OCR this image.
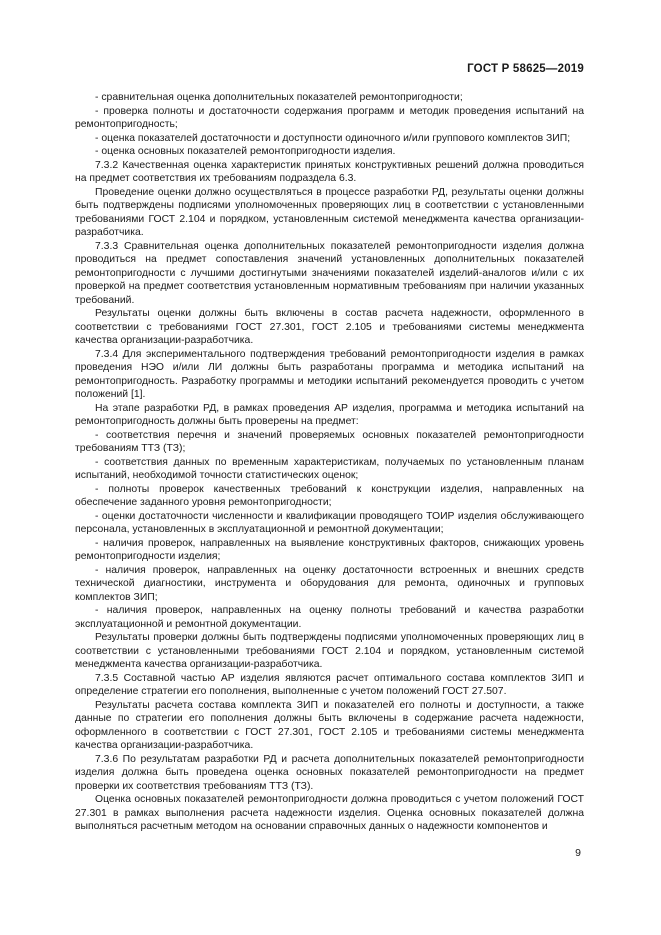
ГОСТ Р 58625—2019

- сравнительная оценка дополнительных показателей ремонтопригодности;

- проверка полноты и достаточности содержания программ и методик проведения испытаний на ремонтопригодность;

- оценка показателей достаточности и доступности одиночного и/или группового комплектов ЗИП;

- оценка основных показателей ремонтопригодности изделия.

7.3.2 Качественная оценка характеристик принятых конструктивных решений должна проводиться на предмет соответствия их требованиям подраздела 6.3.

Проведение оценки должно осуществляться в процессе разработки РД, результаты оценки должны быть подтверждены подписями уполномоченных проверяющих лиц в соответствии с установленными требованиями ГОСТ 2.104 и порядком, установленным системой менеджмента качества организации-разработчика.

7.3.3 Сравнительная оценка дополнительных показателей ремонтопригодности изделия должна проводиться на предмет сопоставления значений установленных дополнительных показателей ремонтопригодности с лучшими достигнутыми значениями показателей изделий-аналогов и/или с их проверкой на предмет соответствия установленным нормативным требованиям при наличии указанных требований.

Результаты оценки должны быть включены в состав расчета надежности, оформленного в соответствии с требованиями ГОСТ 27.301, ГОСТ 2.105 и требованиями системы менеджмента качества организации-разработчика.

7.3.4 Для экспериментального подтверждения требований ремонтопригодности изделия в рамках проведения НЭО и/или ЛИ должны быть разработаны программа и методика испытаний на ремонтопригодность. Разработку программы и методики испытаний рекомендуется проводить с учетом положений [1].

На этапе разработки РД, в рамках проведения АР изделия, программа и методика испытаний на ремонтопригодность должны быть проверены на предмет:

- соответствия перечня и значений проверяемых основных показателей ремонтопригодности требованиям ТТЗ (ТЗ);

- соответствия данных по временным характеристикам, получаемых по установленным планам испытаний, необходимой точности статистических оценок;

- полноты проверок качественных требований к конструкции изделия, направленных на обеспечение заданного уровня ремонтопригодности;

- оценки достаточности численности и квалификации проводящего ТОИР изделия обслуживающего персонала, установленных в эксплуатационной и ремонтной документации;

- наличия проверок, направленных на выявление конструктивных факторов, снижающих уровень ремонтопригодности изделия;

- наличия проверок, направленных на оценку достаточности встроенных и внешних средств технической диагностики, инструмента и оборудования для ремонта, одиночных и групповых комплектов ЗИП;

- наличия проверок, направленных на оценку полноты требований и качества разработки эксплуатационной и ремонтной документации.

Результаты проверки должны быть подтверждены подписями уполномоченных проверяющих лиц в соответствии с установленными требованиями ГОСТ 2.104 и порядком, установленным системой менеджмента качества организации-разработчика.

7.3.5 Составной частью АР изделия являются расчет оптимального состава комплектов ЗИП и определение стратегии его пополнения, выполненные с учетом положений ГОСТ 27.507.

Результаты расчета состава комплекта ЗИП и показателей его полноты и доступности, а также данные по стратегии его пополнения должны быть включены в содержание расчета надежности, оформленного в соответствии с ГОСТ 27.301, ГОСТ 2.105 и требованиями системы менеджмента качества организации-разработчика.

7.3.6 По результатам разработки РД и расчета дополнительных показателей ремонтопригодности изделия должна быть проведена оценка основных показателей ремонтопригодности на предмет проверки их соответствия требованиям ТТЗ (ТЗ).

Оценка основных показателей ремонтопригодности должна проводиться с учетом положений ГОСТ 27.301 в рамках выполнения расчета надежности изделия. Оценка основных показателей должна выполняться расчетным методом на основании справочных данных о надежности компонентов и

9
